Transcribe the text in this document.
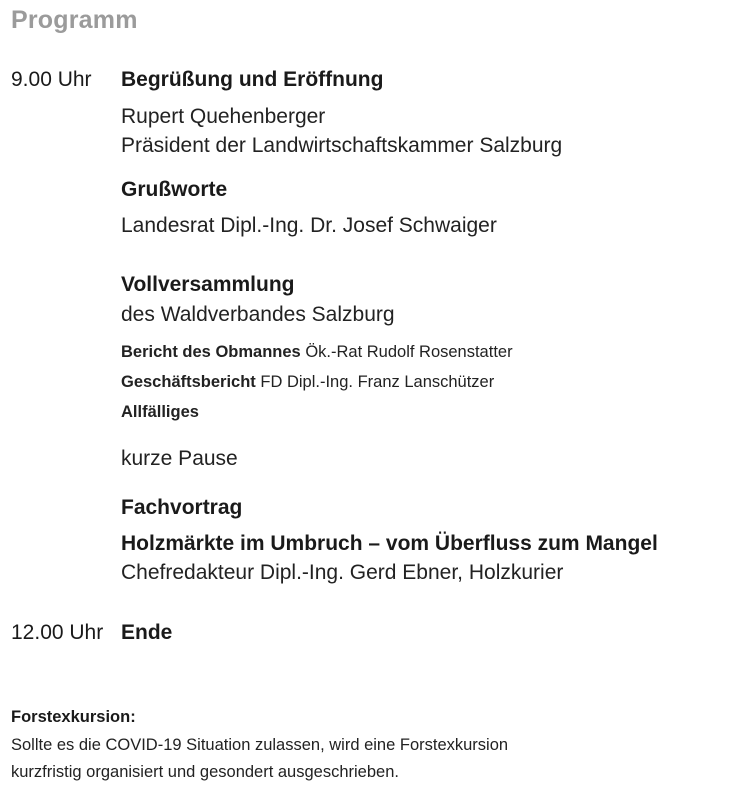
Programm
9.00 Uhr Begrüßung und Eröffnung
Rupert Quehenberger
Präsident der Landwirtschaftskammer Salzburg
Grußworte
Landesrat Dipl.-Ing. Dr. Josef Schwaiger
Vollversammlung
des Waldverbandes Salzburg
Bericht des Obmannes Ök.-Rat Rudolf Rosenstatter
Geschäftsbericht FD Dipl.-Ing. Franz Lanschützer
Allfälliges
kurze Pause
Fachvortrag
Holzmärkte im Umbruch – vom Überfluss zum Mangel
Chefredakteur Dipl.-Ing. Gerd Ebner, Holzkurier
12.00 Uhr Ende
Forstexkursion:
Sollte es die COVID-19 Situation zulassen, wird eine Forstexkursion
kurzfristig organisiert und gesondert ausgeschrieben.
